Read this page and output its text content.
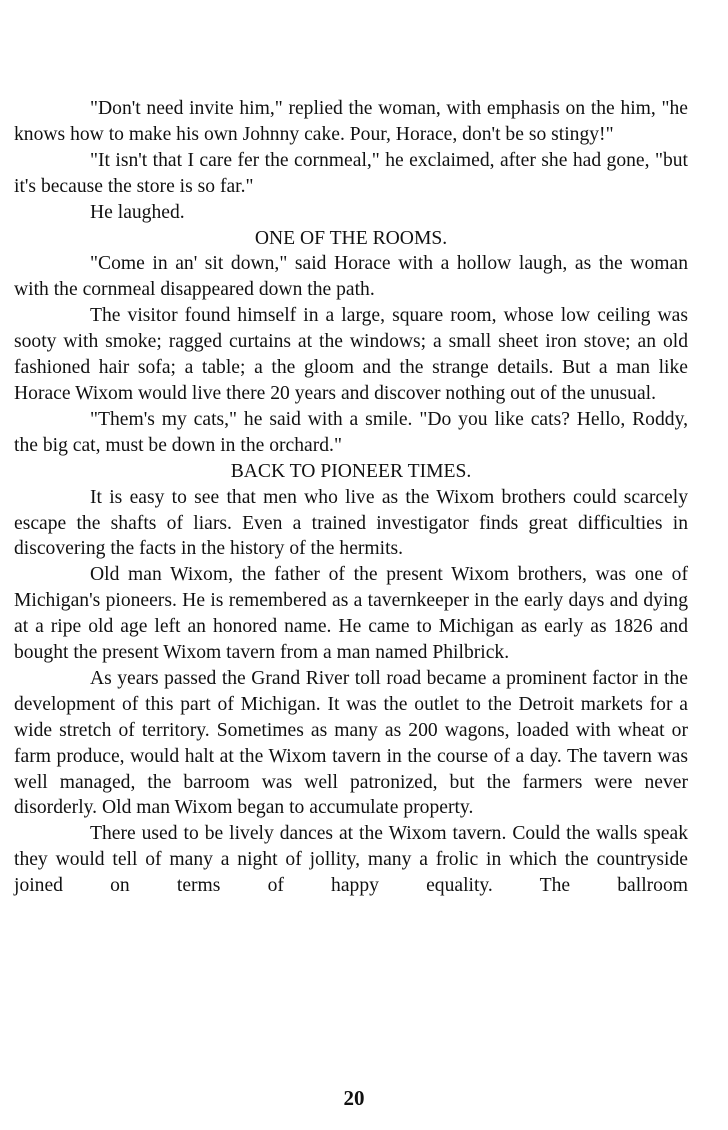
"Don't need invite him," replied the woman, with emphasis on the him, "he knows how to make his own Johnny cake. Pour, Horace, don't be so stingy!"

"It isn't that I care fer the cornmeal," he exclaimed, after she had gone, "but it's because the store is so far."

He laughed.

ONE OF THE ROOMS.

"Come in an' sit down," said Horace with a hollow laugh, as the woman with the cornmeal disappeared down the path.

The visitor found himself in a large, square room, whose low ceiling was sooty with smoke; ragged curtains at the windows; a small sheet iron stove; an old fashioned hair sofa; a table; a the gloom and the strange details. But a man like Horace Wixom would live there 20 years and discover nothing out of the unusual.

"Them's my cats," he said with a smile. "Do you like cats? Hello, Roddy, the big cat, must be down in the orchard."

BACK TO PIONEER TIMES.

It is easy to see that men who live as the Wixom brothers could scarcely escape the shafts of liars. Even a trained investigator finds great difficulties in discovering the facts in the history of the hermits.

Old man Wixom, the father of the present Wixom brothers, was one of Michigan's pioneers. He is remembered as a tavernkeeper in the early days and dying at a ripe old age left an honored name. He came to Michigan as early as 1826 and bought the present Wixom tavern from a man named Philbrick.

As years passed the Grand River toll road became a prominent factor in the development of this part of Michigan. It was the outlet to the Detroit markets for a wide stretch of territory. Sometimes as many as 200 wagons, loaded with wheat or farm produce, would halt at the Wixom tavern in the course of a day. The tavern was well managed, the barroom was well patronized, but the farmers were never disorderly. Old man Wixom began to accumulate property.

There used to be lively dances at the Wixom tavern. Could the walls speak they would tell of many a night of jollity, many a frolic in which the countryside joined on terms of happy equality. The ballroom

20
